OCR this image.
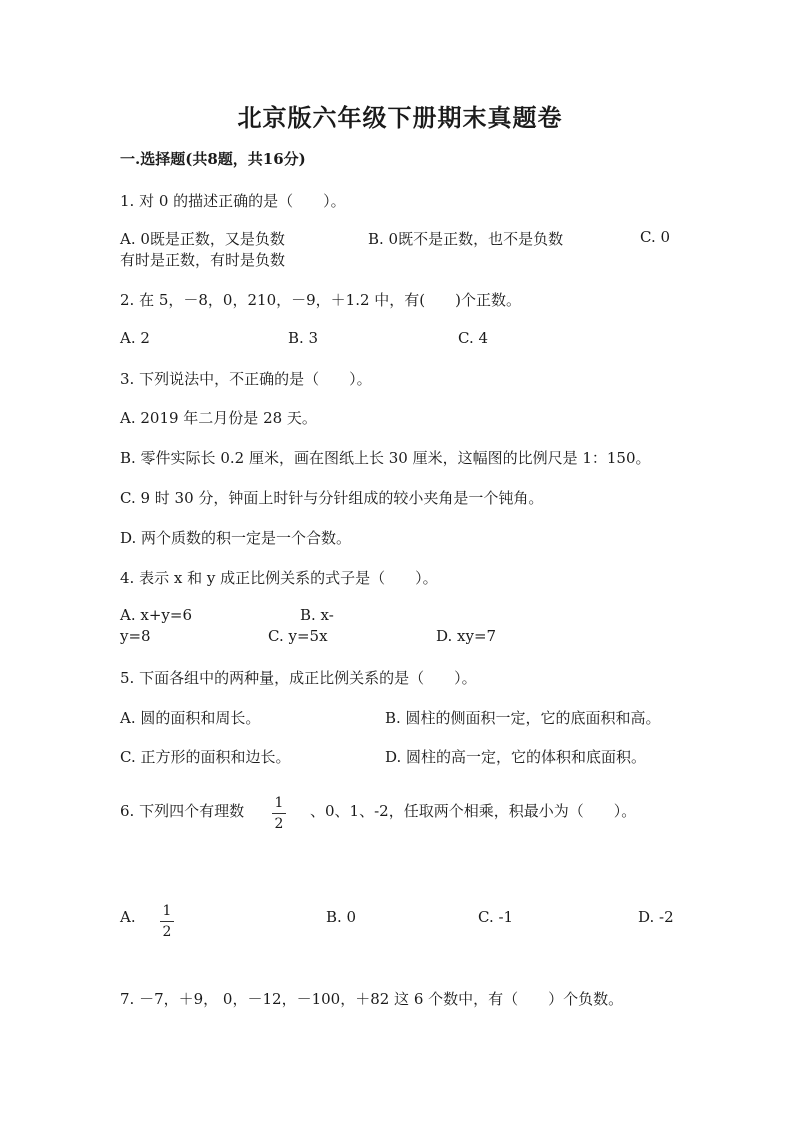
北京版六年级下册期末真题卷
一.选择题(共8题，共16分)
1. 对 0 的描述正确的是（　　）。
A. 0既是正数，又是负数	B. 0既不是正数，也不是负数	C. 0
有时是正数，有时是负数
2. 在 5，－8，0，210，－9，＋1.2 中，有(　　)个正数。
A. 2	B. 3	C. 4
3. 下列说法中，不正确的是（　　）。
A. 2019 年二月份是 28 天。
B. 零件实际长 0.2 厘米，画在图纸上长 30 厘米，这幅图的比例尺是 1：150。
C. 9 时 30 分，钟面上时针与分针组成的较小夹角是一个钝角。
D. 两个质数的积一定是一个合数。
4. 表示 x 和 y 成正比例关系的式子是（　　）。
A. x+y=6	B. x-
y=8	C. y=5x	D. xy=7
5. 下面各组中的两种量，成正比例关系的是（　　）。
A. 圆的面积和周长。	B. 圆柱的侧面积一定，它的底面积和高。
C. 正方形的面积和边长。	D. 圆柱的高一定，它的体积和底面积。
6. 下列四个有理数 $\frac{1}{2}$ 、0、1、-2，任取两个相乘，积最小为（　　）。
A. $\frac{1}{2}$	B. 0	C. -1	D. -2
7. －7，＋9， 0，－12，－100，＋82 这 6 个数中，有（　　）个负数。
